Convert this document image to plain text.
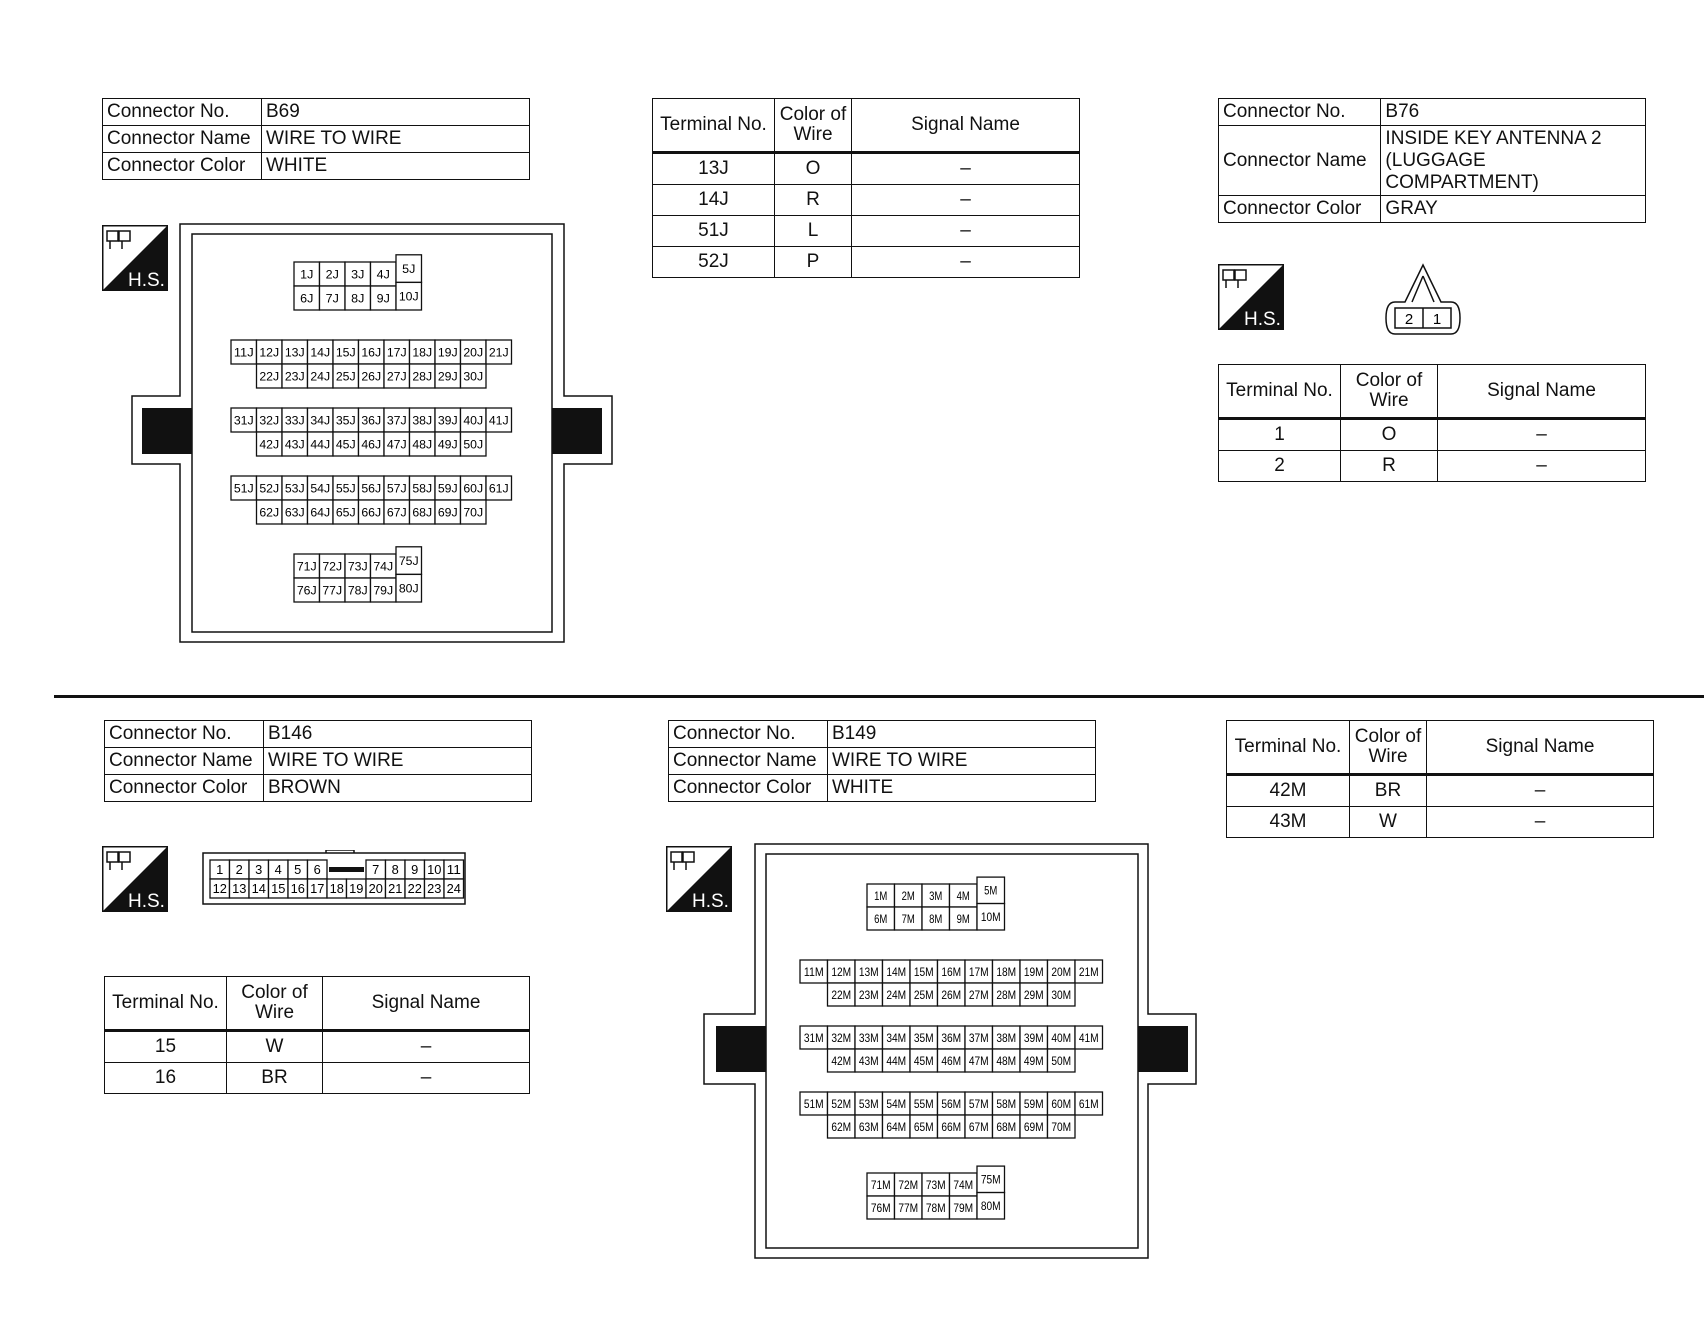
Connector No.	B69
Connector Name	WIRE TO WIRE
Connector Color	WHITE
Terminal No.	Color of Wire	Signal Name
13J	O	–
14J	R	–
51J	L	–
52J	P	–
H.S.	1J 2J 3J 4J
6J 7J 8J 9J
5J
10J
11J 12J 13J 14J 15J 16J 17J 18J 19J 20J 21J
22J 23J 24J 25J 26J 27J 28J 29J 30J
31J 32J 33J 34J 35J 36J 37J 38J 39J 40J 41J
42J 43J 44J 45J 46J 47J 48J 49J 50J
51J 52J 53J 54J 55J 56J 57J 58J 59J 60J 61J
62J 63J 64J 65J 66J 67J 68J 69J 70J
71J 72J 73J 74J
76J 77J 78J 79J
75J
80J
Connector No.	B76
Connector Name	INSIDE KEY ANTENNA 2 (LUGGAGE COMPARTMENT)
Connector Color	GRAY
H.S.	2 1
Terminal No.	Color of Wire	Signal Name
1	O	–
2	R	–
Connector No.	B146
Connector Name	WIRE TO WIRE
Connector Color	BROWN
H.S.
1 2 3 4 5 6	7 8 9 10 11
12 13 14 15 16 17 18 19 20 21 22 23 24
Terminal No.	Color of Wire	Signal Name
15	W	–
16	BR	–
Connector No.	B149
Connector Name	WIRE TO WIRE
Connector Color	WHITE
H.S.	1M 2M 3M 4M
6M 7M 8M 9M
5M
10M
11M 12M 13M 14M 15M 16M 17M 18M 19M 20M 21M
22M 23M 24M 25M 26M 27M 28M 29M 30M
31M 32M 33M 34M 35M 36M 37M 38M 39M 40M 41M
42M 43M 44M 45M 46M 47M 48M 49M 50M
51M 52M 53M 54M 55M 56M 57M 58M 59M 60M 61M
62M 63M 64M 65M 66M 67M 68M 69M 70M
71M 72M 73M 74M
76M 77M 78M 79M
75M
80M
Terminal No.	Color of Wire	Signal Name
42M	BR	–
43M	W	–
